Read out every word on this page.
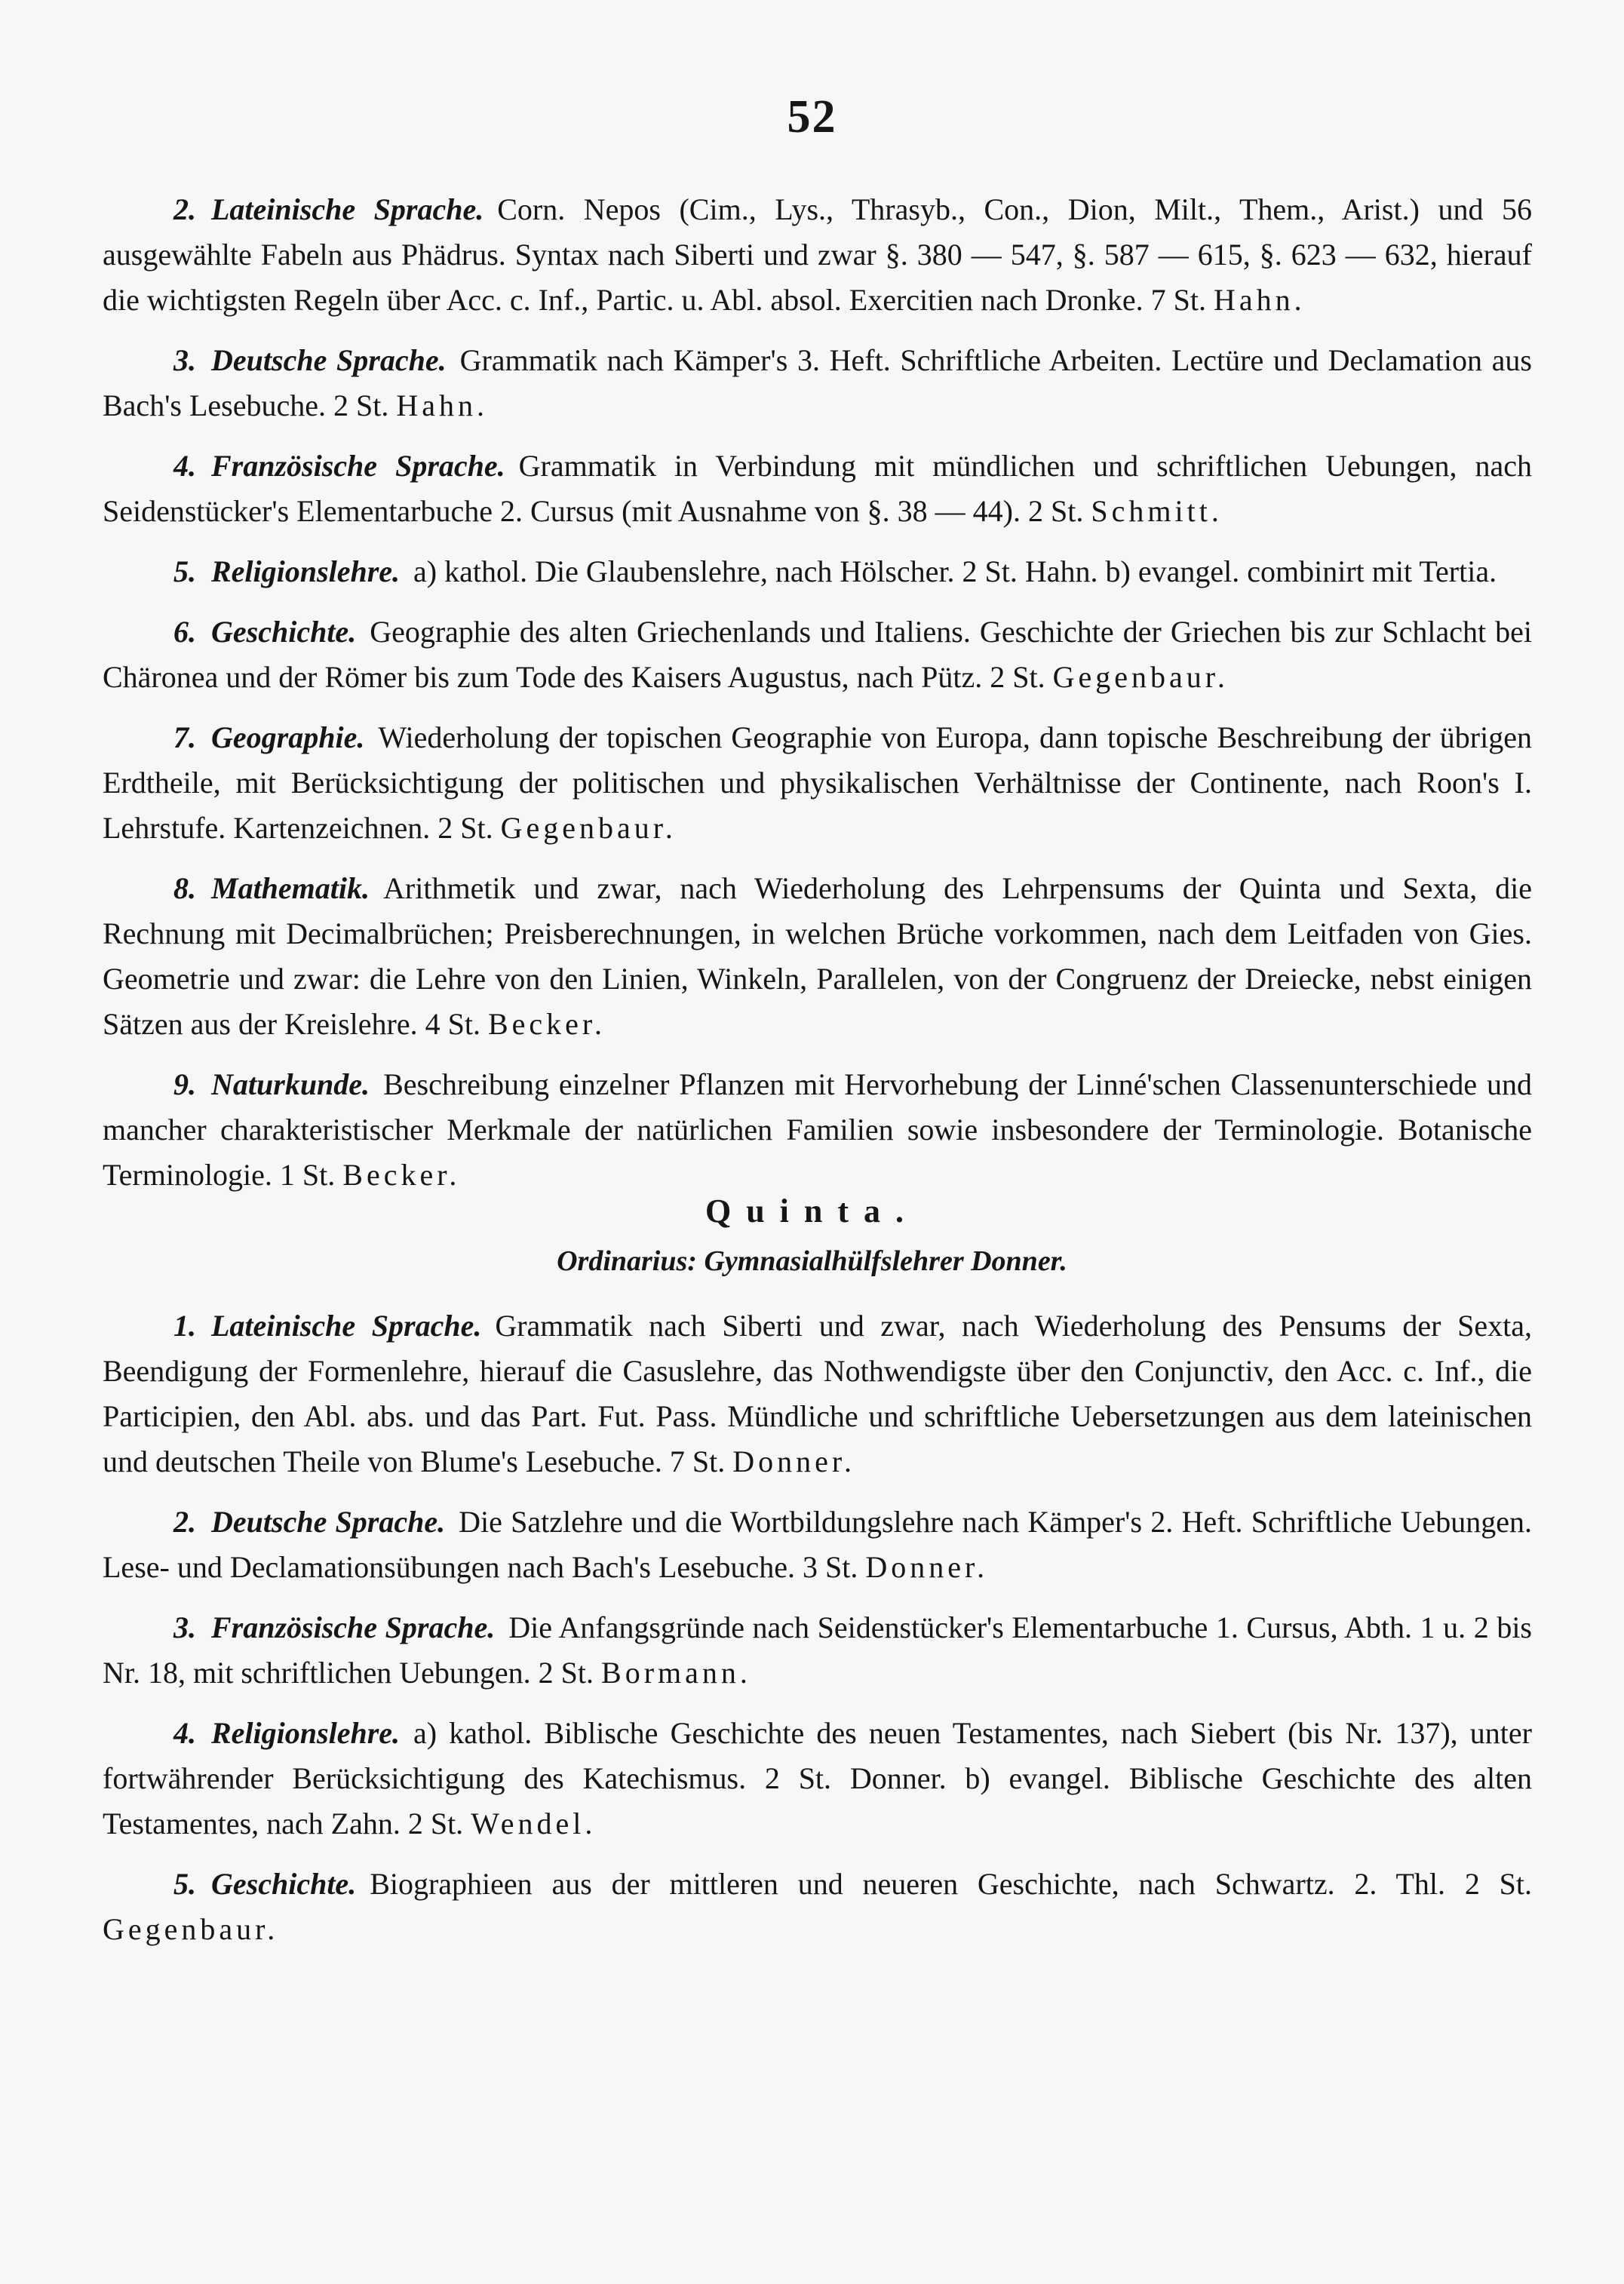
52

2. Lateinische Sprache. Corn. Nepos (Cim., Lys., Thrasyb., Con., Dion, Milt., Them., Arist.) und 56 ausgewählte Fabeln aus Phädrus. Syntax nach Siberti und zwar §. 380 — 547, §. 587 — 615, §. 623 — 632, hierauf die wichtigsten Regeln über Acc. c. Inf., Partic. u. Abl. absol. Exercitien nach Dronke. 7 St. Hahn.

3. Deutsche Sprache. Grammatik nach Kämper's 3. Heft. Schriftliche Arbeiten. Lectüre und Declamation aus Bach's Lesebuche. 2 St. Hahn.

4. Französische Sprache. Grammatik in Verbindung mit mündlichen und schriftlichen Uebungen, nach Seidenstücker's Elementarbuche 2. Cursus (mit Ausnahme von §. 38 — 44). 2 St. Schmitt.

5. Religionslehre. a) kathol. Die Glaubenslehre, nach Hölscher. 2 St. Hahn. b) evangel. combinirt mit Tertia.

6. Geschichte. Geographie des alten Griechenlands und Italiens. Geschichte der Griechen bis zur Schlacht bei Chäronea und der Römer bis zum Tode des Kaisers Augustus, nach Pütz. 2 St. Gegenbaur.

7. Geographie. Wiederholung der topischen Geographie von Europa, dann topische Beschreibung der übrigen Erdtheile, mit Berücksichtigung der politischen und physikalischen Verhältnisse der Continente, nach Roon's I. Lehrstufe. Kartenzeichnen. 2 St. Gegenbaur.

8. Mathematik. Arithmetik und zwar, nach Wiederholung des Lehrpensums der Quinta und Sexta, die Rechnung mit Decimalbrüchen; Preisberechnungen, in welchen Brüche vorkommen, nach dem Leitfaden von Gies. Geometrie und zwar: die Lehre von den Linien, Winkeln, Parallelen, von der Congruenz der Dreiecke, nebst einigen Sätzen aus der Kreislehre. 4 St. Becker.

9. Naturkunde. Beschreibung einzelner Pflanzen mit Hervorhebung der Linné'schen Classenunterschiede und mancher charakteristischer Merkmale der natürlichen Familien sowie insbesondere der Terminologie. Botanische Terminologie. 1 St. Becker.

Quinta.
Ordinarius: Gymnasialhülfslehrer Donner.

1. Lateinische Sprache. Grammatik nach Siberti und zwar, nach Wiederholung des Pensums der Sexta, Beendigung der Formenlehre, hierauf die Casuslehre, das Nothwendigste über den Conjunctiv, den Acc. c. Inf., die Participien, den Abl. abs. und das Part. Fut. Pass. Mündliche und schriftliche Uebersetzungen aus dem lateinischen und deutschen Theile von Blume's Lesebuche. 7 St. Donner.

2. Deutsche Sprache. Die Satzlehre und die Wortbildungslehre nach Kämper's 2. Heft. Schriftliche Uebungen. Lese- und Declamationsübungen nach Bach's Lesebuche. 3 St. Donner.

3. Französische Sprache. Die Anfangsgründe nach Seidenstücker's Elementarbuche 1. Cursus, Abth. 1 u. 2 bis Nr. 18, mit schriftlichen Uebungen. 2 St. Bormann.

4. Religionslehre. a) kathol. Biblische Geschichte des neuen Testamentes, nach Siebert (bis Nr. 137), unter fortwährender Berücksichtigung des Katechismus. 2 St. Donner. b) evangel. Biblische Geschichte des alten Testamentes, nach Zahn. 2 St. Wendel.

5. Geschichte. Biographieen aus der mittleren und neueren Geschichte, nach Schwartz. 2. Thl. 2 St. Gegenbaur.
